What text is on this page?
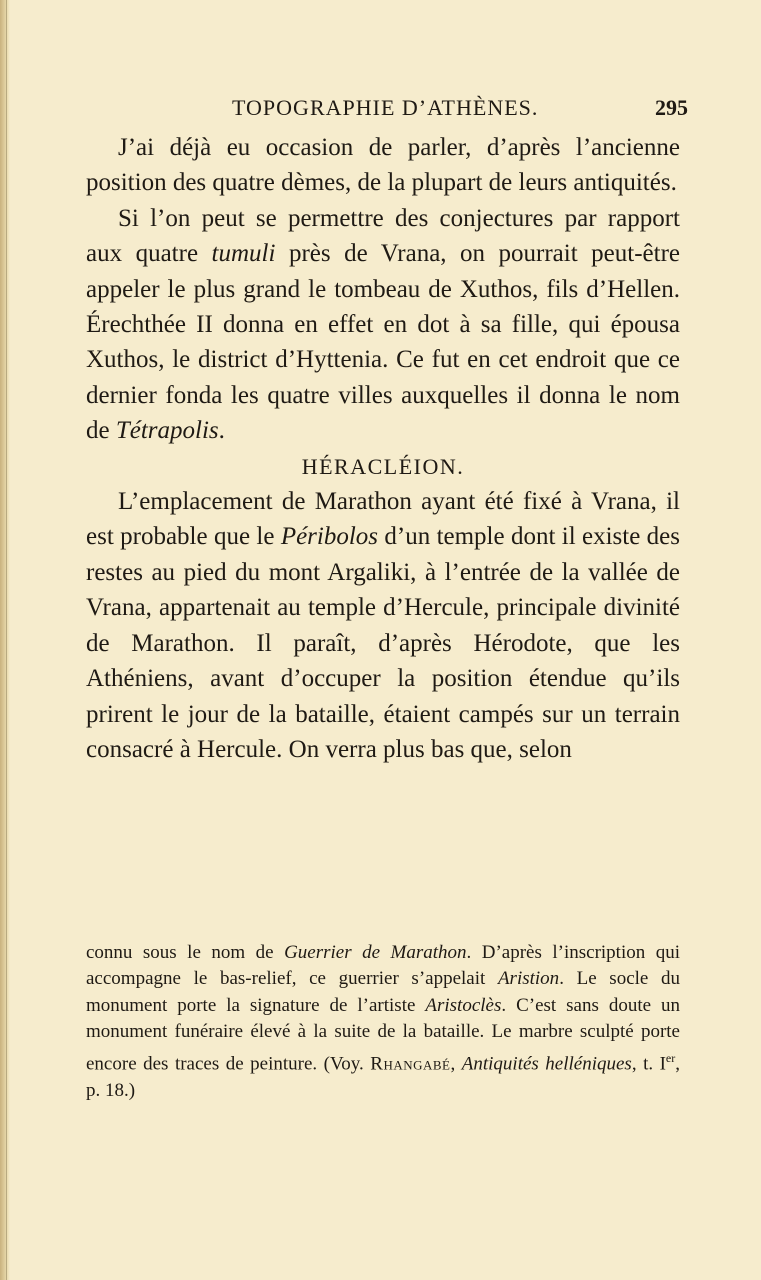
TOPOGRAPHIE D’ATHÈNES.	295

J’ai déjà eu occasion de parler, d’après l’ancienne position des quatre dèmes, de la plupart de leurs antiquités.

Si l’on peut se permettre des conjectures par rapport aux quatre tumuli près de Vrana, on pourrait peut-être appeler le plus grand le tombeau de Xuthos, fils d’Hellen. Érechthée II donna en effet en dot à sa fille, qui épousa Xuthos, le district d’Hyttenia. Ce fut en cet endroit que ce dernier fonda les quatre villes auxquelles il donna le nom de Tétrapolis.

HÉRACLÉION.

L’emplacement de Marathon ayant été fixé à Vrana, il est probable que le Péribolos d’un temple dont il existe des restes au pied du mont Argaliki, à l’entrée de la vallée de Vrana, appartenait au temple d’Hercule, principale divinité de Marathon. Il paraît, d’après Hérodote, que les Athéniens, avant d’occuper la position étendue qu’ils prirent le jour de la bataille, étaient campés sur un terrain consacré à Hercule. On verra plus bas que, selon

connu sous le nom de Guerrier de Marathon. D’après l’inscription qui accompagne le bas-relief, ce guerrier s’appelait Aristion. Le socle du monument porte la signature de l’artiste Aristoclès. C’est sans doute un monument funéraire élevé à la suite de la bataille. Le marbre sculpté porte encore des traces de peinture. (Voy. Rhangabé, Antiquités helléniques, t. Ier, p. 18.)
